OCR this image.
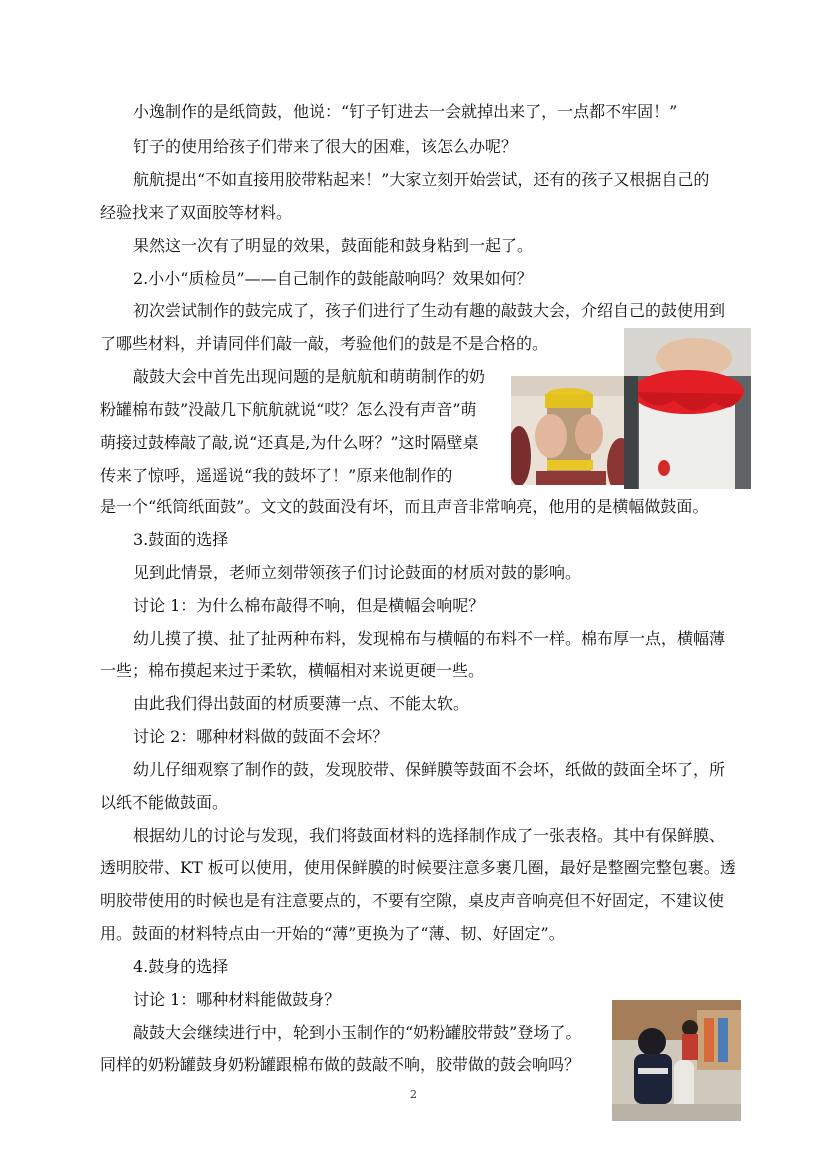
小逸制作的是纸筒鼓，他说：“钉子钉进去一会就掉出来了，一点都不牢固！”
钉子的使用给孩子们带来了很大的困难，该怎么办呢？
航航提出“不如直接用胶带粘起来！”大家立刻开始尝试，还有的孩子又根据自己的
经验找来了双面胶等材料。
果然这一次有了明显的效果，鼓面能和鼓身粘到一起了。
2.小小“质检员”——自己制作的鼓能敲响吗？效果如何？
初次尝试制作的鼓完成了，孩子们进行了生动有趣的敲鼓大会，介绍自己的鼓使用到
了哪些材料，并请同伴们敲一敲，考验他们的鼓是不是合格的。
敲鼓大会中首先出现问题的是航航和萌萌制作的奶
粉罐棉布鼓”没敲几下航航就说“哎？怎么没有声音”萌
萌接过鼓棒敲了敲,说“还真是,为什么呀？”这时隔壁桌
传来了惊呼，遥遥说“我的鼓坏了！”原来他制作的
是一个“纸筒纸面鼓”。文文的鼓面没有坏，而且声音非常响亮，他用的是横幅做鼓面。
3.鼓面的选择
见到此情景，老师立刻带领孩子们讨论鼓面的材质对鼓的影响。
讨论 1：为什么棉布敲得不响，但是横幅会响呢？
幼儿摸了摸、扯了扯两种布料，发现棉布与横幅的布料不一样。棉布厚一点，横幅薄
一些；棉布摸起来过于柔软，横幅相对来说更硬一些。
由此我们得出鼓面的材质要薄一点、不能太软。
讨论 2：哪种材料做的鼓面不会坏？
幼儿仔细观察了制作的鼓，发现胶带、保鲜膜等鼓面不会坏，纸做的鼓面全坏了，所
以纸不能做鼓面。
根据幼儿的讨论与发现，我们将鼓面材料的选择制作成了一张表格。其中有保鲜膜、
透明胶带、KT 板可以使用，使用保鲜膜的时候要注意多裹几圈，最好是整圈完整包裹。透
明胶带使用的时候也是有注意要点的，不要有空隙，桌皮声音响亮但不好固定，不建议使
用。鼓面的材料特点由一开始的“薄”更换为了“薄、韧、好固定”。
4.鼓身的选择
讨论 1：哪种材料能做鼓身？
敲鼓大会继续进行中，轮到小玉制作的“奶粉罐胶带鼓”登场了。
同样的奶粉罐鼓身奶粉罐跟棉布做的鼓敲不响，胶带做的鼓会响吗？
2
